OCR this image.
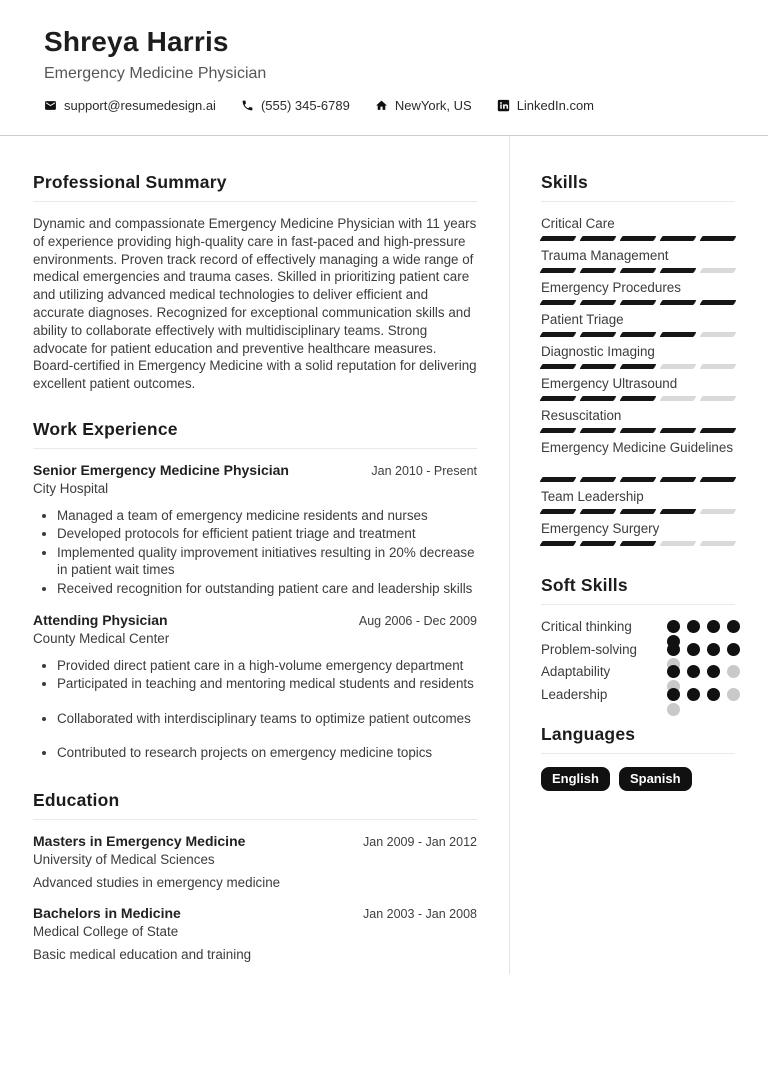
Shreya Harris
Emergency Medicine Physician
support@resumedesign.ai	(555) 345-6789	NewYork, US	LinkedIn.com
Professional Summary

Dynamic and compassionate Emergency Medicine Physician with 11 years of experience providing high-quality care in fast-paced and high-pressure environments. Proven track record of effectively managing a wide range of medical emergencies and trauma cases. Skilled in prioritizing patient care and utilizing advanced medical technologies to deliver efficient and accurate diagnoses. Recognized for exceptional communication skills and ability to collaborate effectively with multidisciplinary teams. Strong advocate for patient education and preventive healthcare measures. Board-certified in Emergency Medicine with a solid reputation for delivering excellent patient outcomes.

Work Experience
Senior Emergency Medicine Physician	Jan 2010 - Present
City Hospital
• Managed a team of emergency medicine residents and nurses
• Developed protocols for efficient patient triage and treatment
• Implemented quality improvement initiatives resulting in 20% decrease in patient wait times
• Received recognition for outstanding patient care and leadership skills
Attending Physician	Aug 2006 - Dec 2009
County Medical Center
• Provided direct patient care in a high-volume emergency department
• Participated in teaching and mentoring medical students and residents
• Collaborated with interdisciplinary teams to optimize patient outcomes
• Contributed to research projects on emergency medicine topics
Education
Masters in Emergency Medicine	Jan 2009 - Jan 2012
University of Medical Sciences
Advanced studies in emergency medicine
Bachelors in Medicine	Jan 2003 - Jan 2008
Medical College of State
Basic medical education and training
Skills
Critical Care
Trauma Management
Emergency Procedures
Patient Triage
Diagnostic Imaging
Emergency Ultrasound
Resuscitation
Emergency Medicine Guidelines
Team Leadership
Emergency Surgery
Soft Skills
Critical thinking
Problem-solving
Adaptability
Leadership
Languages
English	Spanish
